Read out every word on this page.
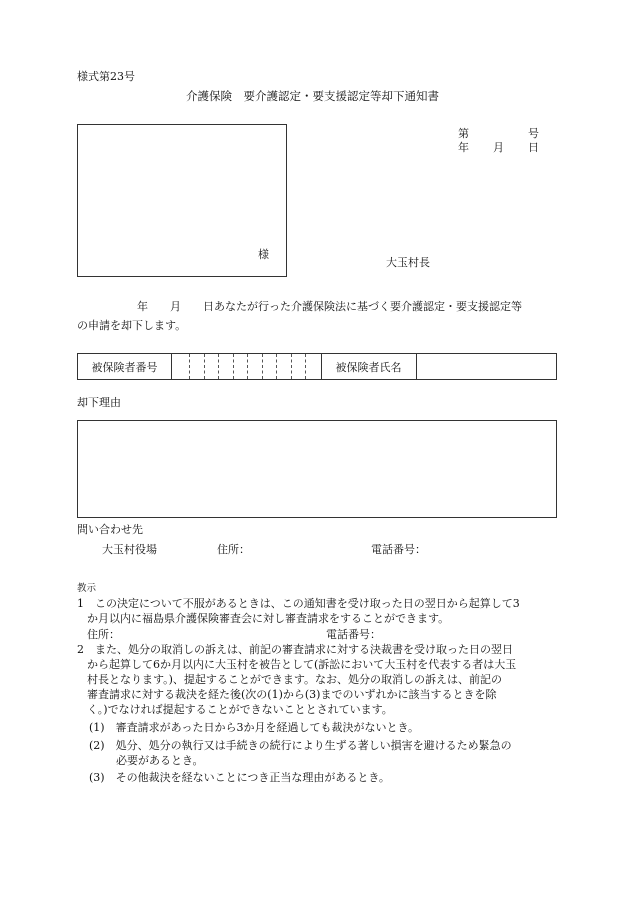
様式第23号
介護保険　要介護認定・要支援認定等却下通知書
様
第	号
年 月 日
大玉村長
年　　月　　日あなたが行った介護保険法に基づく要介護認定・要支援認定等
の申請を却下します。
被保険者番号	被保険者氏名
却下理由
問い合わせ先
大玉村役場	住所：	電話番号：
教示
1　この決定について不服があるときは、この通知書を受け取った日の翌日から起算して3
か月以内に福島県介護保険審査会に対し審査請求をすることができます。
住所：	電話番号：
2　また、処分の取消しの訴えは、前記の審査請求に対する決裁書を受け取った日の翌日
から起算して6か月以内に大玉村を被告として(訴訟において大玉村を代表する者は大玉
村長となります。)、提起することができます。なお、処分の取消しの訴えは、前記の
審査請求に対する裁決を経た後(次の(1)から(3)までのいずれかに該当するときを除
く。)でなければ提起することができないこととされています。
(1)　審査請求があった日から3か月を経過しても裁決がないとき。
(2)　処分、処分の執行又は手続きの続行により生ずる著しい損害を避けるため緊急の
必要があるとき。
(3)　その他裁決を経ないことにつき正当な理由があるとき。
